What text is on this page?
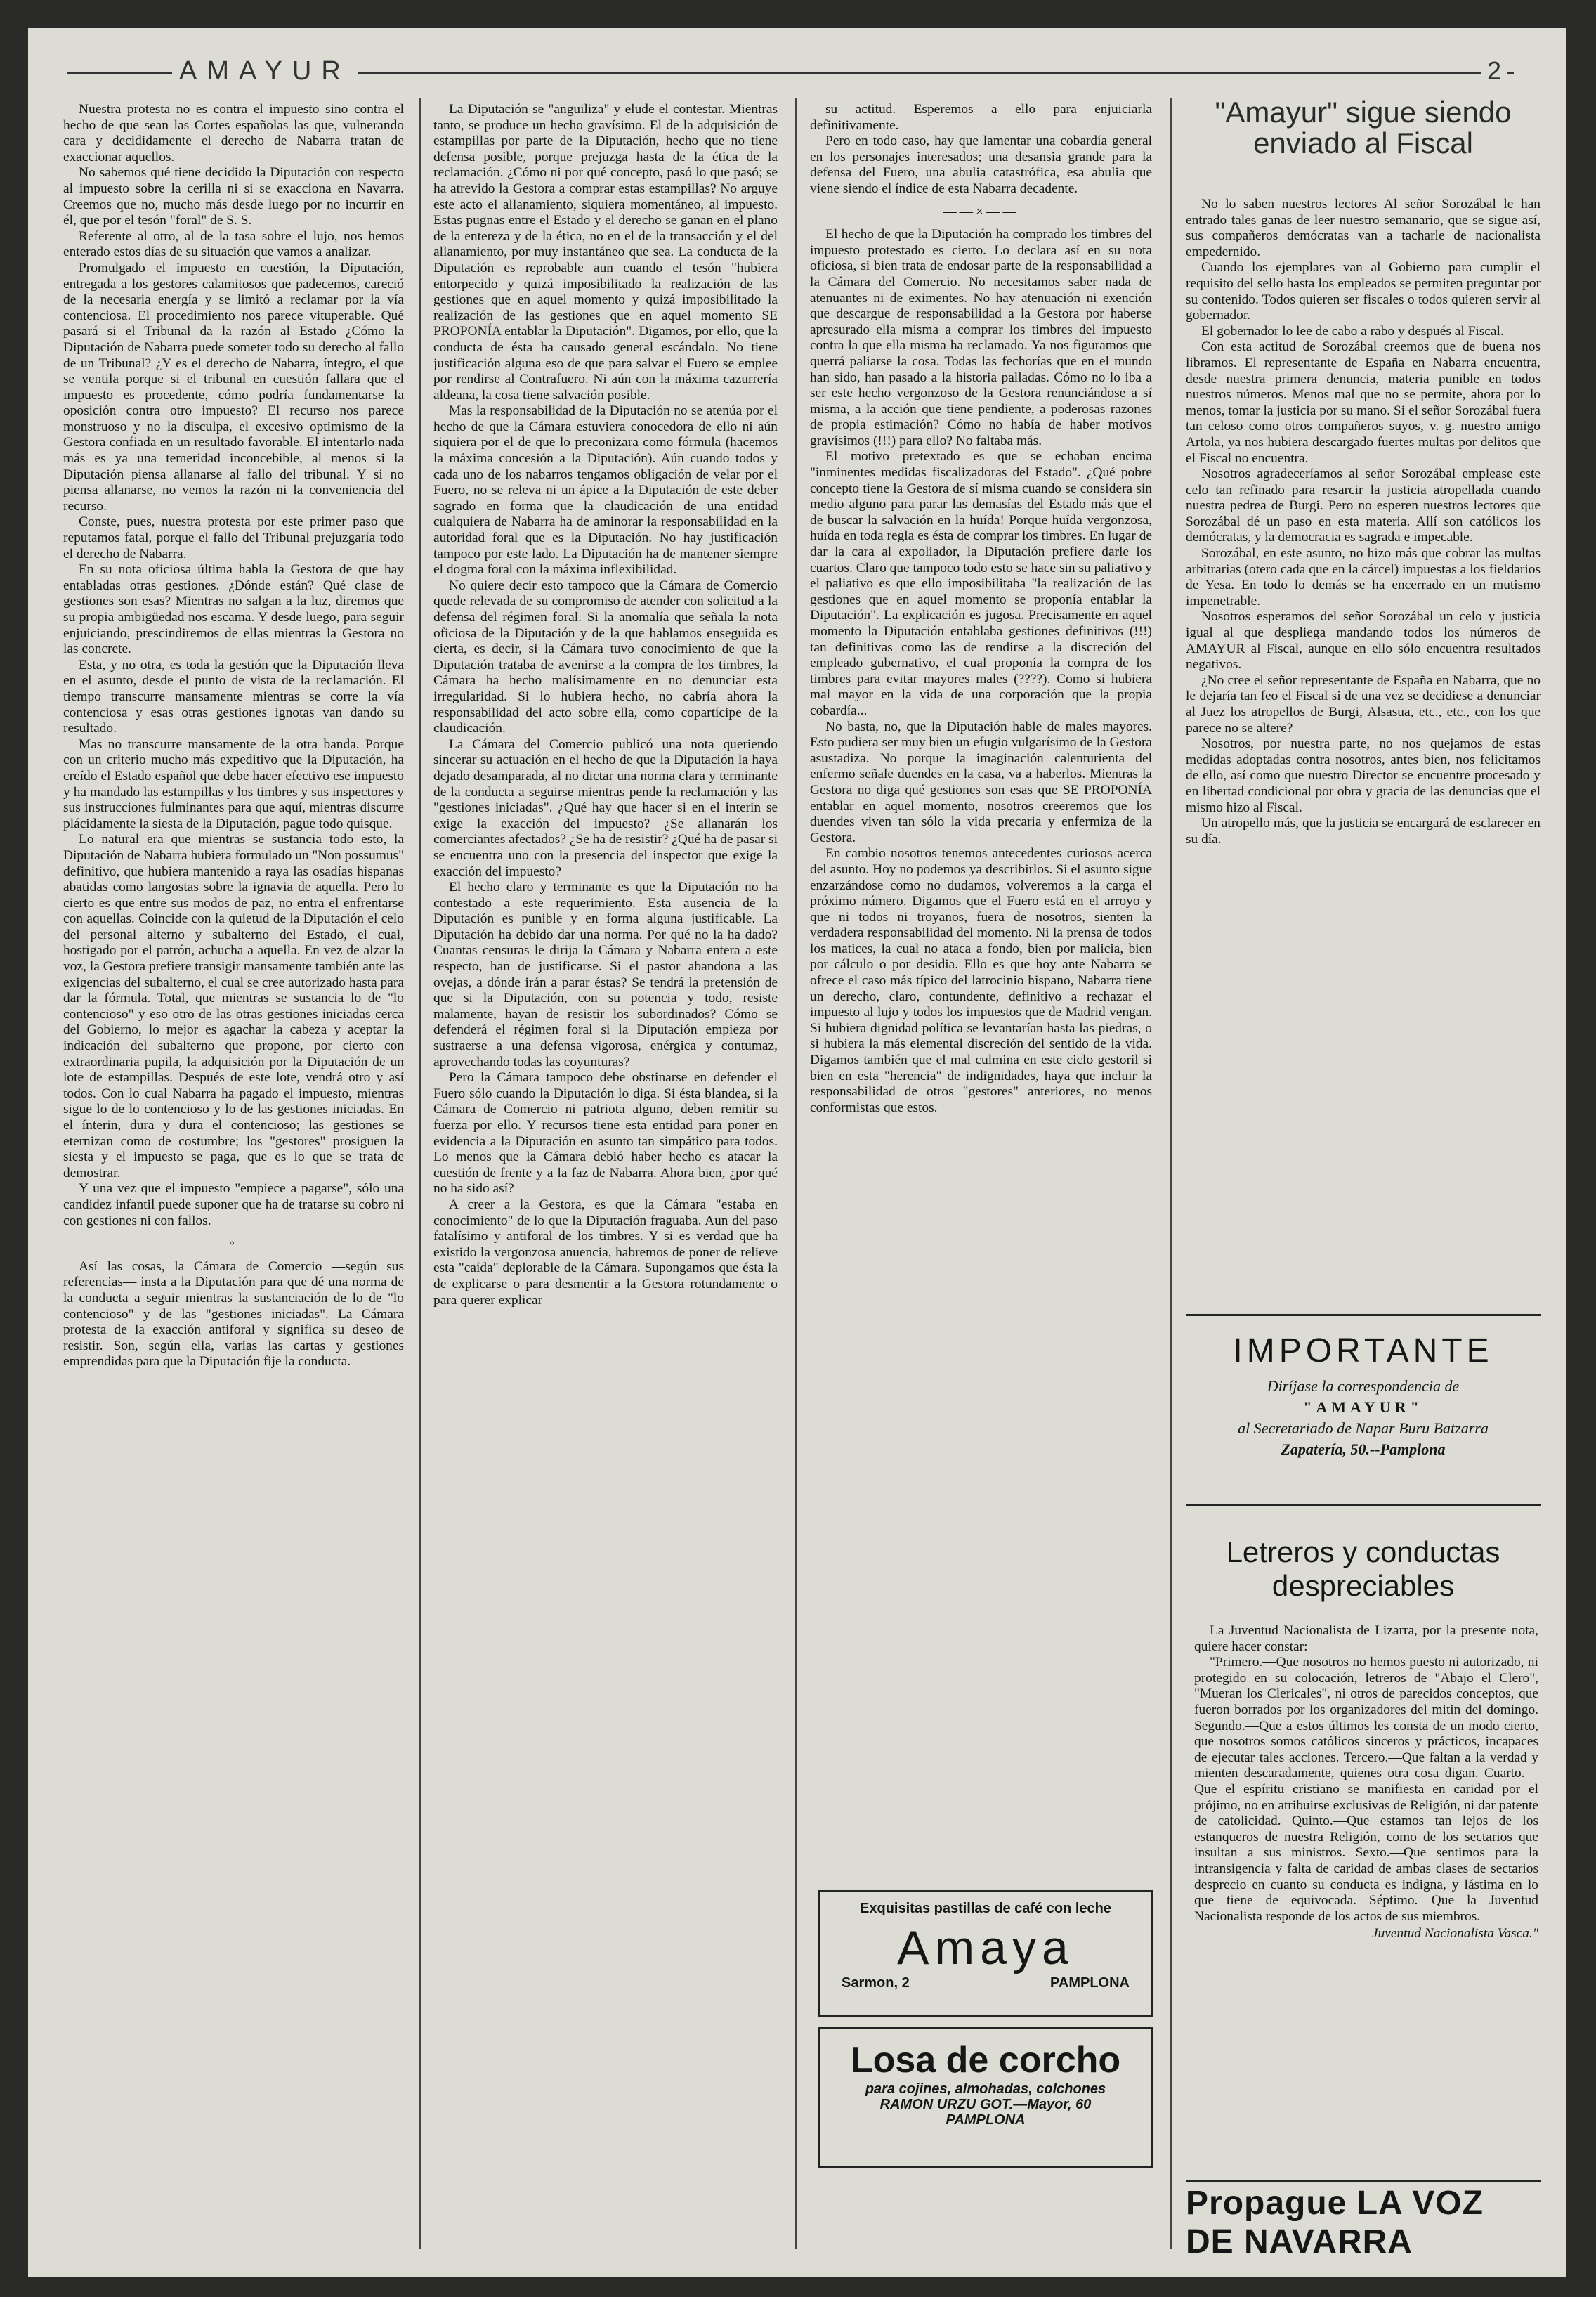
AMAYUR	2

Nuestra protesta no es contra el impuesto sino contra el hecho de que sean las Cortes españolas las que, vulnerando cara y decididamente el derecho de Nabarra tratan de exaccionar aquellos.

No sabemos qué tiene decidido la Diputación con respecto al impuesto sobre la cerilla ni si se exacciona en Navarra. Creemos que no, mucho más desde luego por no incurrir en él, que por el tesón "foral" de S. S.

Referente al otro, al de la tasa sobre el lujo, nos hemos enterado estos días de su situación que vamos a analizar.

Promulgado el impuesto en cuestión, la Diputación, entregada a los gestores calamitosos que padecemos, careció de la necesaria energía y se limitó a reclamar por la vía contenciosa. El procedimiento nos parece vituperable. Qué pasará si el Tribunal da la razón al Estado ¿Cómo la Diputación de Nabarra puede someter todo su derecho al fallo de un Tribunal? ¿Y es el derecho de Nabarra, íntegro, el que se ventila porque si el tribunal en cuestión fallara que el impuesto es procedente, cómo podría fundamentarse la oposición contra otro impuesto? El recurso nos parece monstruoso y no la disculpa, el excesivo optimismo de la Gestora confiada en un resultado favorable. El intentarlo nada más es ya una temeridad inconcebible, al menos si la Diputación piensa allanarse al fallo del tribunal. Y si no piensa allanarse, no vemos la razón ni la conveniencia del recurso.

Conste, pues, nuestra protesta por este primer paso que reputamos fatal, porque el fallo del Tribunal prejuzgaría todo el derecho de Nabarra.

En su nota oficiosa última habla la Gestora de que hay entabladas otras gestiones. ¿Dónde están? Qué clase de gestiones son esas? Mientras no salgan a la luz, diremos que su propia ambigüedad nos escama. Y desde luego, para seguir enjuiciando, prescindiremos de ellas mientras la Gestora no las concrete.

Esta, y no otra, es toda la gestión que la Diputación lleva en el asunto, desde el punto de vista de la reclamación. El tiempo transcurre mansamente mientras se corre la vía contenciosa y esas otras gestiones ignotas van dando su resultado.

Mas no transcurre mansamente de la otra banda. Porque con un criterio mucho más expeditivo que la Diputación, ha creído el Estado español que debe hacer efectivo ese impuesto y ha mandado las estampillas y los timbres y sus inspectores y sus instrucciones fulminantes para que aquí, mientras discurre plácidamente la siesta de la Diputación, pague todo quisque.

Lo natural era que mientras se sustancia todo esto, la Diputación de Nabarra hubiera formulado un "Non possumus" definitivo, que hubiera mantenido a raya las osadías hispanas abatidas como langostas sobre la ignavia de aquella. Pero lo cierto es que entre sus modos de paz, no entra el enfrentarse con aquellas. Coincide con la quietud de la Diputación el celo del personal alterno y subalterno del Estado, el cual, hostigado por el patrón, achucha a aquella. En vez de alzar la voz, la Gestora prefiere transigir mansamente también ante las exigencias del subalterno, el cual se cree autorizado hasta para dar la fórmula. Total, que mientras se sustancia lo de "lo contencioso" y eso otro de las otras gestiones iniciadas cerca del Gobierno, lo mejor es agachar la cabeza y aceptar la indicación del subalterno que propone, por cierto con extraordinaria pupila, la adquisición por la Diputación de un lote de estampillas. Después de este lote, vendrá otro y así todos. Con lo cual Nabarra ha pagado el impuesto, mientras sigue lo de lo contencioso y lo de las gestiones iniciadas. En el ínterin, dura y dura el contencioso; las gestiones se eternizan como de costumbre; los "gestores" prosiguen la siesta y el impuesto se paga, que es lo que se trata de demostrar.

Y una vez que el impuesto "empiece a pagarse", sólo una candidez infantil puede suponer que ha de tratarse su cobro ni con gestiones ni con fallos.

—◦—

Así las cosas, la Cámara de Comercio —según sus referencias— insta a la Diputación para que dé una norma de la conducta a seguir mientras la sustanciación de lo de "lo contencioso" y de las "gestiones iniciadas". La Cámara protesta de la exacción antiforal y significa su deseo de resistir. Son, según ella, varias las cartas y gestiones emprendidas para que la Diputación fije la conducta.

La Diputación se "anguiliza" y elude el contestar. Mientras tanto, se produce un hecho gravísimo. El de la adquisición de estampillas por parte de la Diputación, hecho que no tiene defensa posible, porque prejuzga hasta de la ética de la reclamación. ¿Cómo ni por qué concepto, pasó lo que pasó; se ha atrevido la Gestora a comprar estas estampillas? No arguye este acto el allanamiento, siquiera momentáneo, al impuesto. Estas pugnas entre el Estado y el derecho se ganan en el plano de la entereza y de la ética, no en el de la transacción y el del allanamiento, por muy instantáneo que sea. La conducta de la Diputación es reprobable aun cuando el tesón "hubiera entorpecido y quizá imposibilitado la realización de las gestiones que en aquel momento y quizá imposibilitado la realización de las gestiones que en aquel momento SE PROPONÍA entablar la Diputación". Digamos, por ello, que la conducta de ésta ha causado general escándalo. No tiene justificación alguna eso de que para salvar el Fuero se emplee por rendirse al Contrafuero. Ni aún con la máxima cazurrería aldeana, la cosa tiene salvación posible.

Mas la responsabilidad de la Diputación no se atenúa por el hecho de que la Cámara estuviera conocedora de ello ni aún siquiera por el de que lo preconizara como fórmula (hacemos la máxima concesión a la Diputación). Aún cuando todos y cada uno de los nabarros tengamos obligación de velar por el Fuero, no se releva ni un ápice a la Diputación de este deber sagrado en forma que la claudicación de una entidad cualquiera de Nabarra ha de aminorar la responsabilidad en la autoridad foral que es la Diputación. No hay justificación tampoco por este lado. La Diputación ha de mantener siempre el dogma foral con la máxima inflexibilidad.

No quiere decir esto tampoco que la Cámara de Comercio quede relevada de su compromiso de atender con solicitud a la defensa del régimen foral. Si la anomalía que señala la nota oficiosa de la Diputación y de la que hablamos enseguida es cierta, es decir, si la Cámara tuvo conocimiento de que la Diputación trataba de avenirse a la compra de los timbres, la Cámara ha hecho malísimamente en no denunciar esta irregularidad. Si lo hubiera hecho, no cabría ahora la responsabilidad del acto sobre ella, como copartícipe de la claudicación.

La Cámara del Comercio publicó una nota queriendo sincerar su actuación en el hecho de que la Diputación la haya dejado desamparada, al no dictar una norma clara y terminante de la conducta a seguirse mientras pende la reclamación y las "gestiones iniciadas". ¿Qué hay que hacer si en el interin se exige la exacción del impuesto? ¿Se allanarán los comerciantes afectados? ¿Se ha de resistir? ¿Qué ha de pasar si se encuentra uno con la presencia del inspector que exige la exacción del impuesto?

El hecho claro y terminante es que la Diputación no ha contestado a este requerimiento. Esta ausencia de la Diputación es punible y en forma alguna justificable. La Diputación ha debido dar una norma. Por qué no la ha dado? Cuantas censuras le dirija la Cámara y Nabarra entera a este respecto, han de justificarse. Si el pastor abandona a las ovejas, a dónde irán a parar éstas? Se tendrá la pretensión de que si la Diputación, con su potencia y todo, resiste malamente, hayan de resistir los subordinados? Cómo se defenderá el régimen foral si la Diputación empieza por sustraerse a una defensa vigorosa, enérgica y contumaz, aprovechando todas las coyunturas?

Pero la Cámara tampoco debe obstinarse en defender el Fuero sólo cuando la Diputación lo diga. Si ésta blandea, si la Cámara de Comercio ni patriota alguno, deben remitir su fuerza por ello. Y recursos tiene esta entidad para poner en evidencia a la Diputación en asunto tan simpático para todos. Lo menos que la Cámara debió haber hecho es atacar la cuestión de frente y a la faz de Nabarra. Ahora bien, ¿por qué no ha sido así?

A creer a la Gestora, es que la Cámara "estaba en conocimiento" de lo que la Diputación fraguaba. Aun del paso fatalísimo y antiforal de los timbres. Y si es verdad que ha existido la vergonzosa anuencia, habremos de poner de relieve esta "caída" deplorable de la Cámara. Supongamos que ésta la de explicarse o para desmentir a la Gestora rotundamente o para querer explicar

su actitud. Esperemos a ello para enjuiciarla definitivamente.

Pero en todo caso, hay que lamentar una cobardía general en los personajes interesados; una desansia grande para la defensa del Fuero, una abulia catastrófica, esa abulia que viene siendo el índice de esta Nabarra decadente.

——×——

El hecho de que la Diputación ha comprado los timbres del impuesto protestado es cierto. Lo declara así en su nota oficiosa, si bien trata de endosar parte de la responsabilidad a la Cámara del Comercio. No necesitamos saber nada de atenuantes ni de eximentes. No hay atenuación ni exención que descargue de responsabilidad a la Gestora por haberse apresurado ella misma a comprar los timbres del impuesto contra la que ella misma ha reclamado. Ya nos figuramos que querrá paliarse la cosa. Todas las fechorías que en el mundo han sido, han pasado a la historia palladas. Cómo no lo iba a ser este hecho vergonzoso de la Gestora renunciándose a sí misma, a la acción que tiene pendiente, a poderosas razones de propia estimación? Cómo no había de haber motivos gravísimos (!!!) para ello? No faltaba más.

El motivo pretextado es que se echaban encima "inminentes medidas fiscalizadoras del Estado". ¿Qué pobre concepto tiene la Gestora de sí misma cuando se considera sin medio alguno para parar las demasías del Estado más que el de buscar la salvación en la huída! Porque huída vergonzosa, huída en toda regla es ésta de comprar los timbres. En lugar de dar la cara al expoliador, la Diputación prefiere darle los cuartos. Claro que tampoco todo esto se hace sin su paliativo y el paliativo es que ello imposibilitaba "la realización de las gestiones que en aquel momento se proponía entablar la Diputación". La explicación es jugosa. Precisamente en aquel momento la Diputación entablaba gestiones definitivas (!!!) tan definitivas como las de rendirse a la discreción del empleado gubernativo, el cual proponía la compra de los timbres para evitar mayores males (????). Como si hubiera mal mayor en la vida de una corporación que la propia cobardía...

No basta, no, que la Diputación hable de males mayores. Esto pudiera ser muy bien un efugio vulgarísimo de la Gestora asustadiza. No porque la imaginación calenturienta del enfermo señale duendes en la casa, va a haberlos. Mientras la Gestora no diga qué gestiones son esas que SE PROPONÍA entablar en aquel momento, nosotros creeremos que los duendes viven tan sólo la vida precaria y enfermiza de la Gestora.

En cambio nosotros tenemos antecedentes curiosos acerca del asunto. Hoy no podemos ya describirlos. Si el asunto sigue enzarzándose como no dudamos, volveremos a la carga el próximo número. Digamos que el Fuero está en el arroyo y que ni todos ni troyanos, fuera de nosotros, sienten la verdadera responsabilidad del momento. Ni la prensa de todos los matices, la cual no ataca a fondo, bien por malicia, bien por cálculo o por desidia. Ello es que hoy ante Nabarra se ofrece el caso más típico del latrocinio hispano, Nabarra tiene un derecho, claro, contundente, definitivo a rechazar el impuesto al lujo y todos los impuestos que de Madrid vengan. Si hubiera dignidad política se levantarían hasta las piedras, o si hubiera la más elemental discreción del sentido de la vida. Digamos también que el mal culmina en este ciclo gestoril si bien en esta "herencia" de indignidades, haya que incluir la responsabilidad de otros "gestores" anteriores, no menos conformistas que estos.

"Amayur" sigue siendo enviado al Fiscal

No lo saben nuestros lectores Al señor Sorozábal le han entrado tales ganas de leer nuestro semanario, que se sigue así, sus compañeros demócratas van a tacharle de nacionalista empedernido.

Cuando los ejemplares van al Gobierno para cumplir el requisito del sello hasta los empleados se permiten preguntar por su contenido. Todos quieren ser fiscales o todos quieren servir al gobernador.

El gobernador lo lee de cabo a rabo y después al Fiscal.

Con esta actitud de Sorozábal creemos que de buena nos libramos. El representante de España en Nabarra encuentra, desde nuestra primera denuncia, materia punible en todos nuestros números. Menos mal que no se permite, ahora por lo menos, tomar la justicia por su mano. Si el señor Sorozábal fuera tan celoso como otros compañeros suyos, v. g. nuestro amigo Artola, ya nos hubiera descargado fuertes multas por delitos que el Fiscal no encuentra.

Nosotros agradeceríamos al señor Sorozábal emplease este celo tan refinado para resarcir la justicia atropellada cuando nuestra pedrea de Burgi. Pero no esperen nuestros lectores que Sorozábal dé un paso en esta materia. Allí son católicos los demócratas, y la democracia es sagrada e impecable.

Sorozábal, en este asunto, no hizo más que cobrar las multas arbitrarias (otero cada que en la cárcel) impuestas a los fieldarios de Yesa. En todo lo demás se ha encerrado en un mutismo impenetrable.

Nosotros esperamos del señor Sorozábal un celo y justicia igual al que despliega mandando todos los números de AMAYUR al Fiscal, aunque en ello sólo encuentra resultados negativos.

¿No cree el señor representante de España en Nabarra, que no le dejaría tan feo el Fiscal si de una vez se decidiese a denunciar al Juez los atropellos de Burgi, Alsasua, etc., etc., con los que parece no se altere?

Nosotros, por nuestra parte, no nos quejamos de estas medidas adoptadas contra nosotros, antes bien, nos felicitamos de ello, así como que nuestro Director se encuentre procesado y en libertad condicional por obra y gracia de las denuncias que el mismo hizo al Fiscal.

Un atropello más, que la justicia se encargará de esclarecer en su día.

IMPORTANTE
Diríjase la correspondencia de
"AMAYUR"
al Secretariado de Napar Buru Batzarra
Zapatería, 50.--Pamplona
Letreros y conductas despreciables

La Juventud Nacionalista de Lizarra, por la presente nota, quiere hacer constar:

"Primero.—Que nosotros no hemos puesto ni autorizado, ni protegido en su colocación, letreros de "Abajo el Clero", "Mueran los Clericales", ni otros de parecidos conceptos, que fueron borrados por los organizadores del mitin del domingo. Segundo.—Que a estos últimos les consta de un modo cierto, que nosotros somos católicos sinceros y prácticos, incapaces de ejecutar tales acciones. Tercero.—Que faltan a la verdad y mienten descaradamente, quienes otra cosa digan. Cuarto.—Que el espíritu cristiano se manifiesta en caridad por el prójimo, no en atribuirse exclusivas de Religión, ni dar patente de catolicidad. Quinto.—Que estamos tan lejos de los estanqueros de nuestra Religión, como de los sectarios que insultan a sus ministros. Sexto.—Que sentimos para la intransigencia y falta de caridad de ambas clases de sectarios desprecio en cuanto su conducta es indigna, y lástima en lo que tiene de equivocada. Séptimo.—Que la Juventud Nacionalista responde de los actos de sus miembros.

Juventud Nacionalista Vasca."

Exquisitas pastillas de café con leche
Amaya
Sarmon, 2	PAMPLONA
Losa de corcho
para cojines, almohadas, colchones
RAMON URZU GOT.—Mayor, 60
PAMPLONA
Propague LA VOZ DE NAVARRA
